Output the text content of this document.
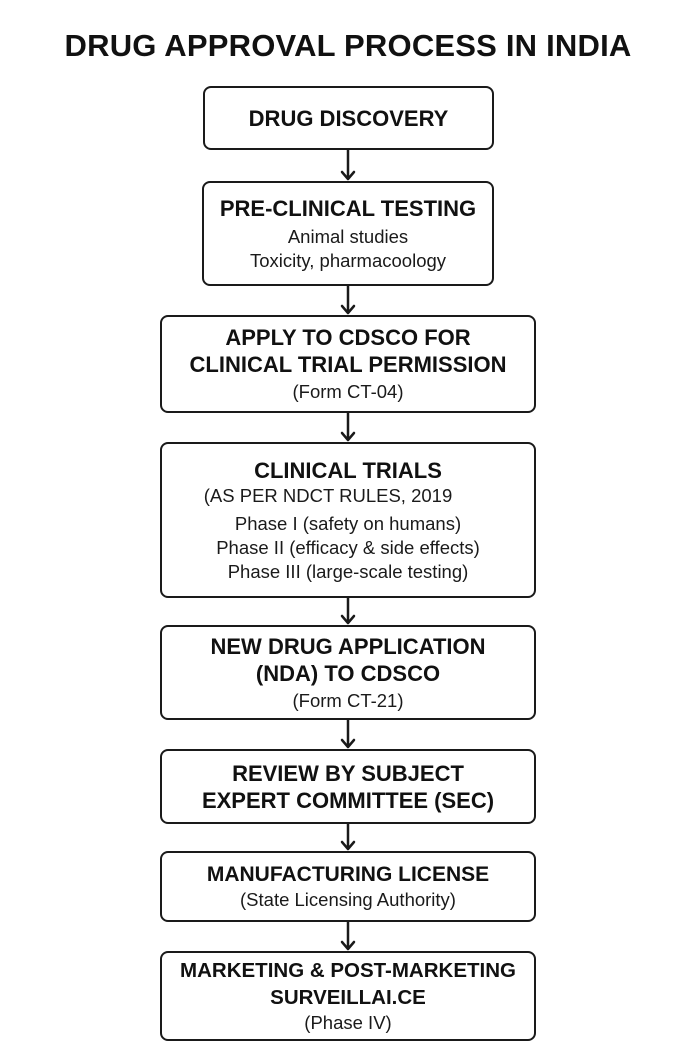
DRUG APPROVAL PROCESS IN INDIA
DRUG DISCOVERY
PRE-CLINICAL TESTING
Animal studies
Toxicity, pharmacoology
APPLY TO CDSCO FOR
CLINICAL TRIAL PERMISSION
(Form CT-04)
CLINICAL TRIALS
(AS PER NDCT RULES, 2019
Phase I (safety on humans)
Phase II (efficacy & side effects)
Phase III (large-scale testing)
NEW DRUG APPLICATION
(NDA) TO CDSCO
(Form CT-21)
REVIEW BY SUBJECT
EXPERT COMMITTEE (SEC)
MANUFACTURING LICENSE
(State Licensing Authority)
MARKETING & POST-MARKETING
SURVEILLAI.CE
(Phase IV)
